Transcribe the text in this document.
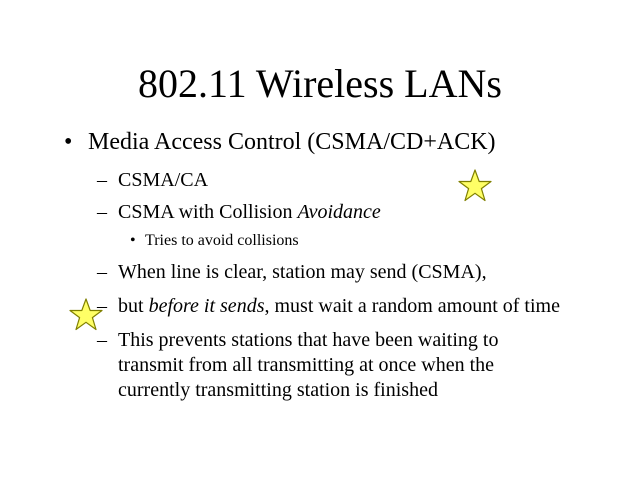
802.11 Wireless LANs
• Media Access Control (CSMA/CD+ACK)
– CSMA/CA
– CSMA with Collision Avoidance
• Tries to avoid collisions
– When line is clear, station may send (CSMA),
– but before it sends, must wait a random amount of time
– This prevents stations that have been waiting to
transmit from all transmitting at once when the
currently transmitting station is finished
